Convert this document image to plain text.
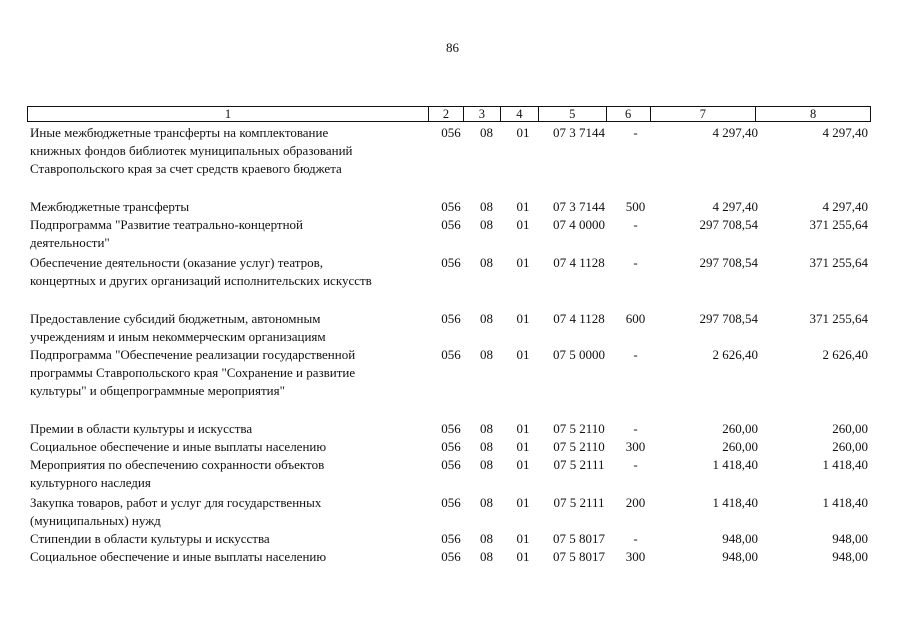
86
1	2	3	4	5	6	7	8
Иные межбюджетные трансферты на комплектование
книжных фондов библиотек муниципальных образований
Ставропольского края за счет средств краевого бюджета
056	08	01	07 3 7144	-	4 297,40	4 297,40
Межбюджетные трансферты	056	08	01	07 3 7144	500	4 297,40	4 297,40
Подпрограмма "Развитие театрально-концертной
деятельности"
056	08	01	07 4 0000	-	297 708,54	371 255,64
Обеспечение деятельности (оказание услуг) театров,
концертных и других организаций исполнительских искусств
056	08	01	07 4 1128	-	297 708,54	371 255,64
Предоставление субсидий бюджетным, автономным
учреждениям и иным некоммерческим организациям
056	08	01	07 4 1128	600	297 708,54	371 255,64
Подпрограмма "Обеспечение реализации государственной
программы Ставропольского края "Сохранение и развитие
культуры" и общепрограммные мероприятия"
056	08	01	07 5 0000	-	2 626,40	2 626,40
Премии в области культуры и искусства	056	08	01	07 5 2110	-	260,00	260,00
Социальное обеспечение и иные выплаты населению	056	08	01	07 5 2110	300	260,00	260,00
Мероприятия по обеспечению сохранности объектов
культурного наследия
056	08	01	07 5 2111	-	1 418,40	1 418,40
Закупка товаров, работ и услуг для государственных
(муниципальных) нужд
056	08	01	07 5 2111	200	1 418,40	1 418,40
Стипендии в области культуры и искусства	056	08	01	07 5 8017	-	948,00	948,00
Социальное обеспечение и иные выплаты населению	056	08	01	07 5 8017	300	948,00	948,00
